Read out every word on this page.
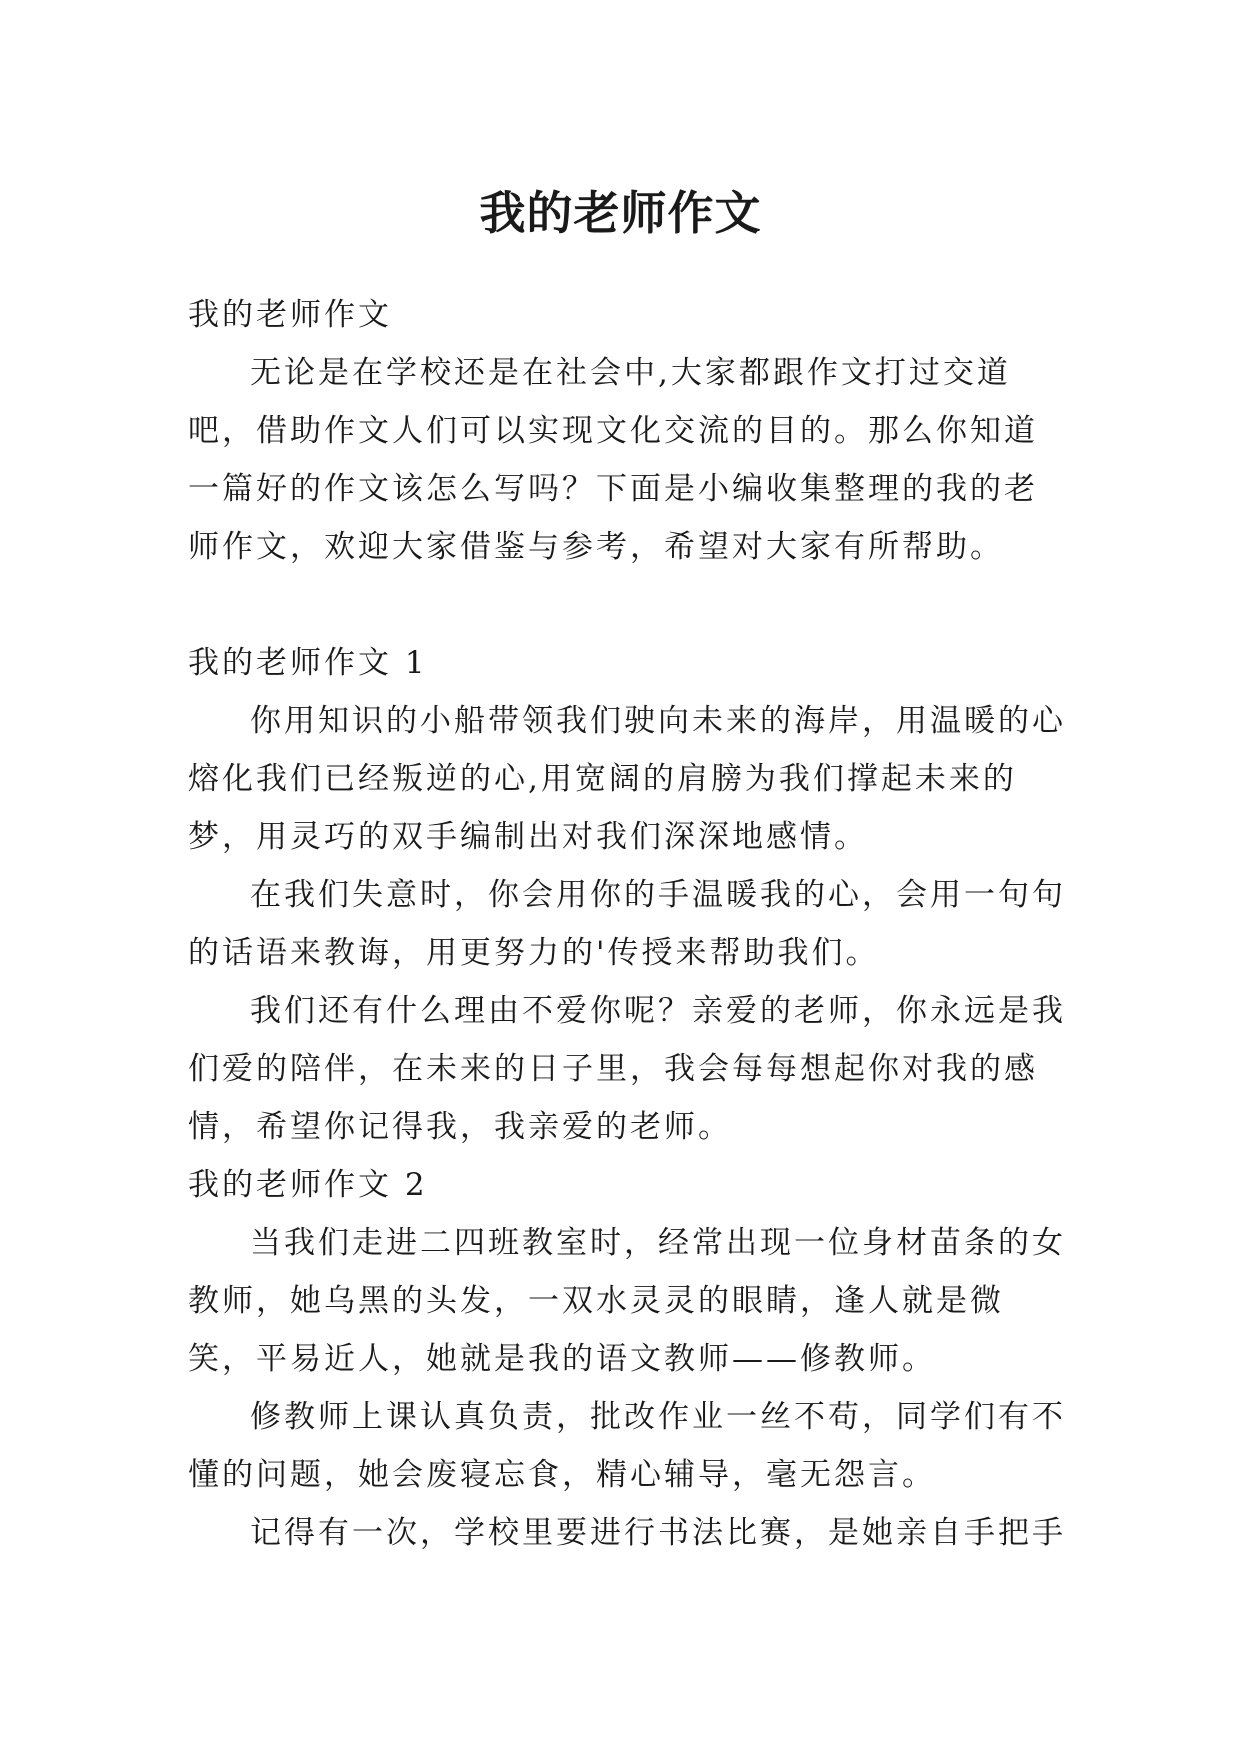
我的老师作文

我的老师作文

无论是在学校还是在社会中,大家都跟作文打过交道吧，借助作文人们可以实现文化交流的目的。那么你知道一篇好的作文该怎么写吗？下面是小编收集整理的我的老师作文，欢迎大家借鉴与参考，希望对大家有所帮助。

我的老师作文 1

你用知识的小船带领我们驶向未来的海岸，用温暖的心熔化我们已经叛逆的心,用宽阔的肩膀为我们撑起未来的梦，用灵巧的双手编制出对我们深深地感情。

在我们失意时，你会用你的手温暖我的心，会用一句句的话语来教诲，用更努力的'传授来帮助我们。

我们还有什么理由不爱你呢？亲爱的老师，你永远是我们爱的陪伴，在未来的日子里，我会每每想起你对我的感情，希望你记得我，我亲爱的老师。

我的老师作文 2

当我们走进二四班教室时，经常出现一位身材苗条的女教师，她乌黑的头发，一双水灵灵的眼睛，逢人就是微笑，平易近人，她就是我的语文教师——修教师。

修教师上课认真负责，批改作业一丝不苟，同学们有不懂的问题，她会废寝忘食，精心辅导，毫无怨言。

记得有一次，学校里要进行书法比赛，是她亲自手把手
